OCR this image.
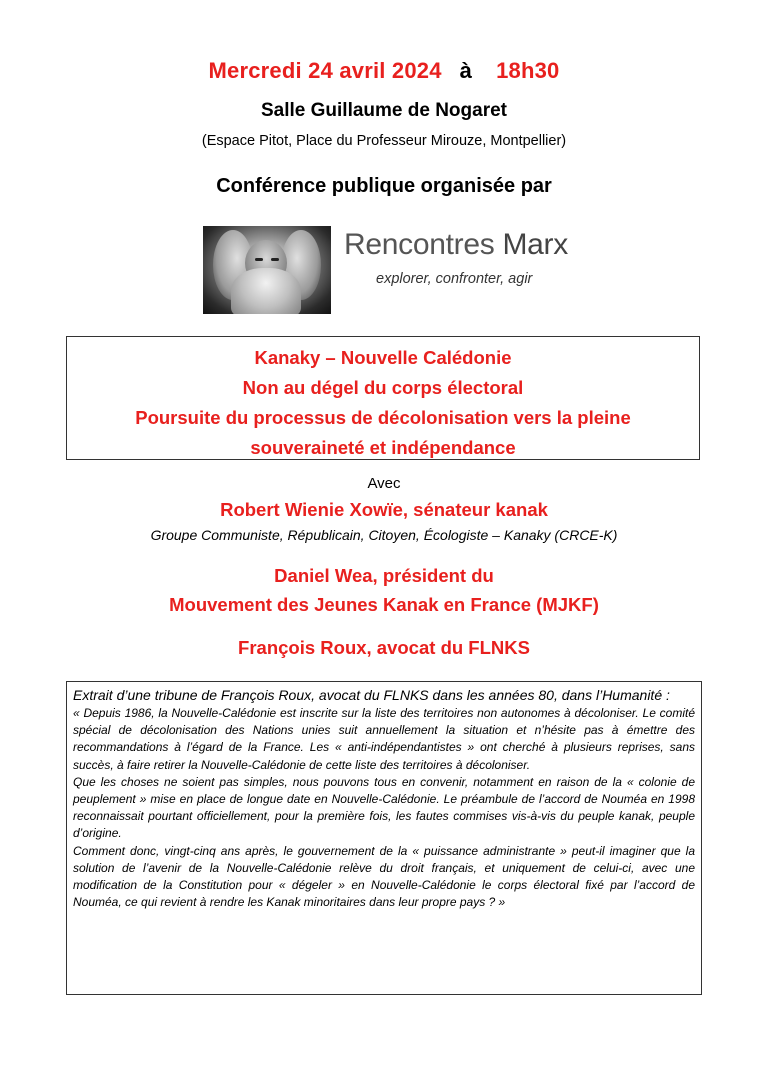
Mercredi 24 avril 2024 à 18h30
Salle Guillaume de Nogaret
(Espace Pitot, Place du Professeur Mirouze, Montpellier)
Conférence publique organisée par
Rencontres Marx
explorer, confronter, agir
Kanaky – Nouvelle Calédonie
Non au dégel du corps électoral
Poursuite du processus de décolonisation vers la pleine
souveraineté et indépendance
Avec
Robert Wienie Xowïe, sénateur kanak
Groupe Communiste, Républicain, Citoyen, Écologiste – Kanaky (CRCE-K)
Daniel Wea, président du
Mouvement des Jeunes Kanak en France (MJKF)
François Roux, avocat du FLNKS
Extrait d’une tribune de François Roux, avocat du FLNKS dans les années 80, dans l’Humanité :

« Depuis 1986, la Nouvelle-Calédonie est inscrite sur la liste des territoires non autonomes à décoloniser. Le comité spécial de décolonisation des Nations unies suit annuellement la situation et n’hésite pas à émettre des recommandations à l’égard de la France. Les « anti-indépendantistes » ont cherché à plusieurs reprises, sans succès, à faire retirer la Nouvelle-Calédonie de cette liste des territoires à décoloniser.

Que les choses ne soient pas simples, nous pouvons tous en convenir, notamment en raison de la « colonie de peuplement » mise en place de longue date en Nouvelle-Calédonie. Le préambule de l’accord de Nouméa en 1998 reconnaissait pourtant officiellement, pour la première fois, les fautes commises vis-à-vis du peuple kanak, peuple d’origine.

Comment donc, vingt-cinq ans après, le gouvernement de la « puissance administrante » peut-il imaginer que la solution de l’avenir de la Nouvelle-Calédonie relève du droit français, et uniquement de celui-ci, avec une modification de la Constitution pour « dégeler » en Nouvelle-Calédonie le corps électoral fixé par l’accord de Nouméa, ce qui revient à rendre les Kanak minoritaires dans leur propre pays ? »
